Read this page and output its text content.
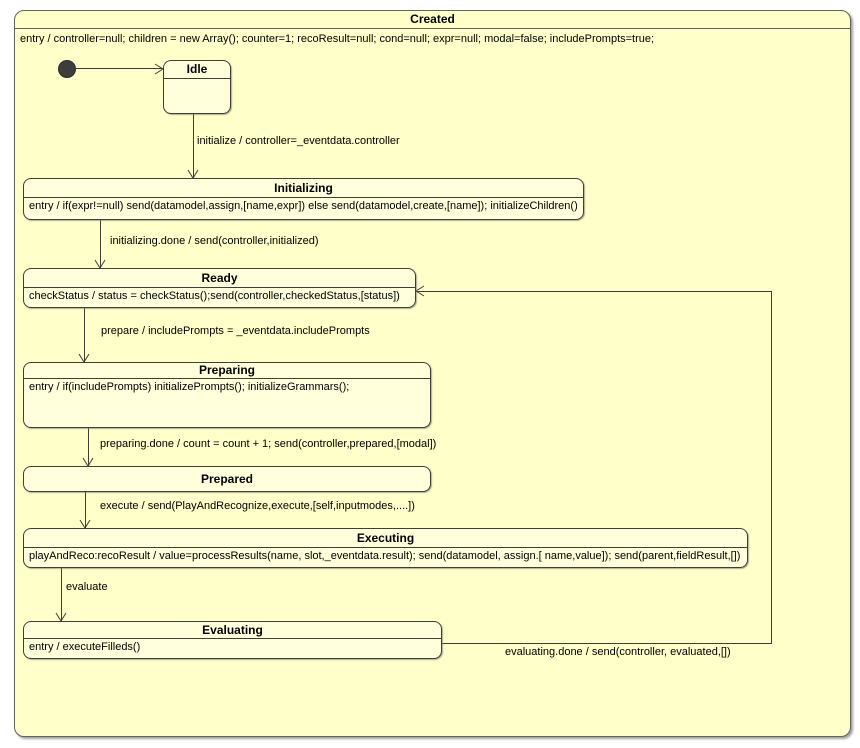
Created
entry / controller=null; children = new Array(); counter=1; recoResult=null; cond=null; expr=null; modal=false; includePrompts=true;
Idle
Initializing
entry / if(expr!=null) send(datamodel,assign,[name,expr]) else send(datamodel,create,[name]); initializeChildren()
Ready
checkStatus / status = checkStatus();send(controller,checkedStatus,[status])
Preparing
entry / if(includePrompts) initializePrompts(); initializeGrammars();
Prepared
Executing
playAndReco:recoResult / value=processResults(name, slot,_eventdata.result); send(datamodel, assign.[ name,value]); send(parent,fieldResult,[])
Evaluating
entry / executeFilleds()
initialize / controller=_eventdata.controller
initializing.done / send(controller,initialized)
prepare / includePrompts = _eventdata.includePrompts
preparing.done / count = count + 1; send(controller,prepared,[modal])
execute / send(PlayAndRecognize,execute,[self,inputmodes,....])
evaluate
evaluating.done / send(controller, evaluated,[])
